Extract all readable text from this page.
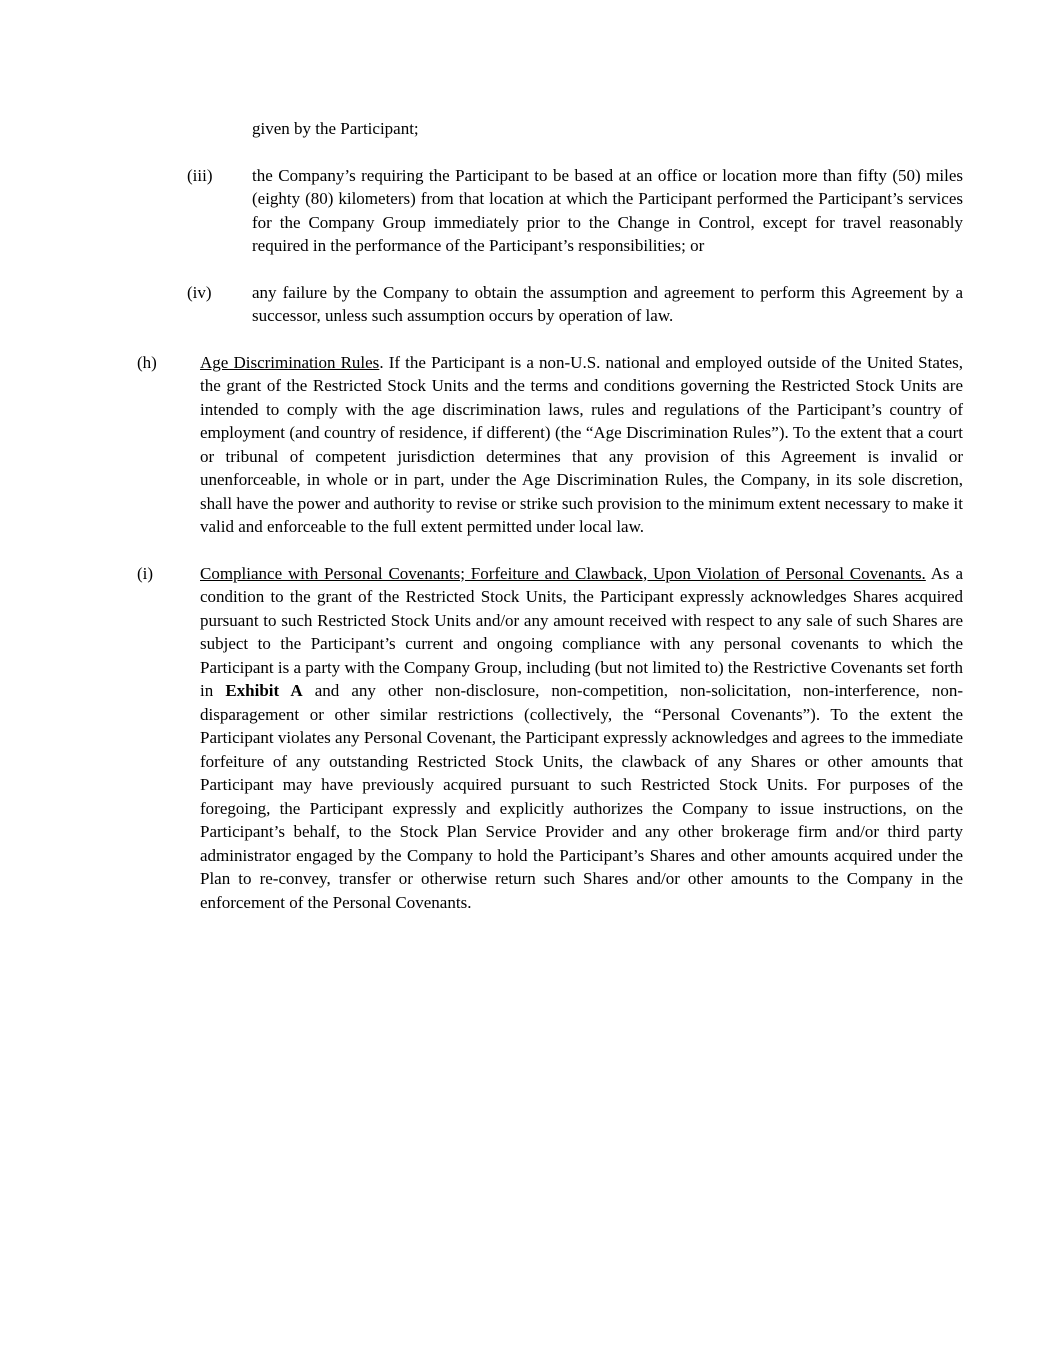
given by the Participant;
(iii) the Company’s requiring the Participant to be based at an office or location more than fifty (50) miles (eighty (80) kilometers) from that location at which the Participant performed the Participant’s services for the Company Group immediately prior to the Change in Control, except for travel reasonably required in the performance of the Participant’s responsibilities; or
(iv) any failure by the Company to obtain the assumption and agreement to perform this Agreement by a successor, unless such assumption occurs by operation of law.
(h)	Age Discrimination Rules. If the Participant is a non-U.S. national and employed outside of the United States, the grant of the Restricted Stock Units and the terms and conditions governing the Restricted Stock Units are intended to comply with the age discrimination laws, rules and regulations of the Participant’s country of employment (and country of residence, if different) (the “Age Discrimination Rules”). To the extent that a court or tribunal of competent jurisdiction determines that any provision of this Agreement is invalid or unenforceable, in whole or in part, under the Age Discrimination Rules, the Company, in its sole discretion, shall have the power and authority to revise or strike such provision to the minimum extent necessary to make it valid and enforceable to the full extent permitted under local law.
(i)	Compliance with Personal Covenants; Forfeiture and Clawback, Upon Violation of Personal Covenants. As a condition to the grant of the Restricted Stock Units, the Participant expressly acknowledges Shares acquired pursuant to such Restricted Stock Units and/or any amount received with respect to any sale of such Shares are subject to the Participant’s current and ongoing compliance with any personal covenants to which the Participant is a party with the Company Group, including (but not limited to) the Restrictive Covenants set forth in Exhibit A and any other non-disclosure, non-competition, non-solicitation, non-interference, non-disparagement or other similar restrictions (collectively, the “Personal Covenants”). To the extent the Participant violates any Personal Covenant, the Participant expressly acknowledges and agrees to the immediate forfeiture of any outstanding Restricted Stock Units, the clawback of any Shares or other amounts that Participant may have previously acquired pursuant to such Restricted Stock Units. For purposes of the foregoing, the Participant expressly and explicitly authorizes the Company to issue instructions, on the Participant’s behalf, to the Stock Plan Service Provider and any other brokerage firm and/or third party administrator engaged by the Company to hold the Participant’s Shares and other amounts acquired under the Plan to re-convey, transfer or otherwise return such Shares and/or other amounts to the Company in the enforcement of the Personal Covenants.
